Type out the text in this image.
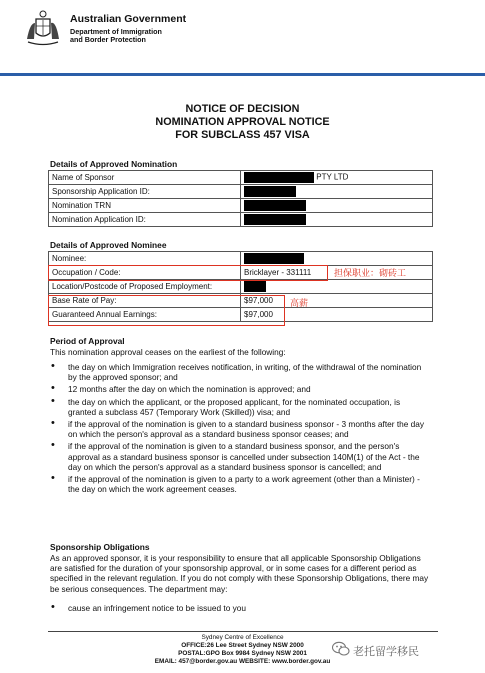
Australian Government
Department of Immigration
and Border Protection
NOTICE OF DECISION
NOMINATION APPROVAL NOTICE
FOR SUBCLASS 457 VISA
Details of Approved Nomination
Name of Sponsor	PTY LTD
Sponsorship Application ID:	
Nomination TRN	
Nomination Application ID:	
Details of Approved Nominee
Nominee:	
Occupation / Code:	Bricklayer - 331111
Location/Postcode of Proposed Employment:	
Base Rate of Pay:	$97,000
Guaranteed Annual Earnings:	$97,000
担保职业：砌砖工
高薪
Period of Approval
This nomination approval ceases on the earliest of the following:
• the day on which Immigration receives notification, in writing, of the withdrawal of the nomination by the approved sponsor; and
• 12 months after the day on which the nomination is approved; and
• the day on which the applicant, or the proposed applicant, for the nominated occupation, is granted a subclass 457 (Temporary Work (Skilled)) visa; and
• if the approval of the nomination is given to a standard business sponsor - 3 months after the day on which the person's approval as a standard business sponsor ceases; and
• if the approval of the nomination is given to a standard business sponsor, and the person's approval as a standard business sponsor is cancelled under subsection 140M(1) of the Act - the day on which the person's approval as a standard business sponsor is cancelled; and
• if the approval of the nomination is given to a party to a work agreement (other than a Minister) - the day on which the work agreement ceases.
Sponsorship Obligations
As an approved sponsor, it is your responsibility to ensure that all applicable Sponsorship Obligations are satisfied for the duration of your sponsorship approval, or in some cases for a different period as specified in the relevant regulation. If you do not comply with these Sponsorship Obligations, there may be serious consequences. The department may:
• cause an infringement notice to be issued to you
Sydney Centre of Excellence
OFFICE:26 Lee Street Sydney NSW 2000
POSTAL:GPO Box 9984 Sydney NSW 2001
EMAIL: 457@border.gov.au WEBSITE: www.border.gov.au
老托留学移民
